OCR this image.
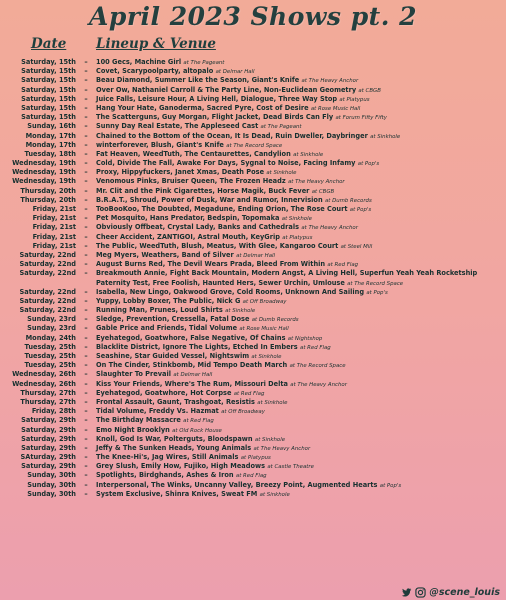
April 2023 Shows pt. 2
Date Lineup & Venue
Saturday, 15th	–	100 Gecs, Machine Girl at The Pageant
Saturday, 15th	–	Covet, Scarypoolparty, altopalo at Delmar Hall
Saturday, 15th	–	Beau Diamond, Summer Like the Season, Giant's Knife at The Heavy Anchor
Saturday, 15th	–	Over Ow, Nathaniel Carroll & The Party Line, Non-Euclidean Geometry at CBGB
Saturday, 15th	–	Juice Falls, Leisure Hour, A Living Hell, Dialogue, Three Way Stop at Platypus
Saturday, 15th	–	Hang Your Hate, Ganoderma, Sacred Pyre, Cost of Desire at Rose Music Hall
Saturday, 15th	–	The Scatterguns, Guy Morgan, Flight Jacket, Dead Birds Can Fly at Forum Fifty Fifty
Sunday, 16th	–	Sunny Day Real Estate, The Appleseed Cast at The Pageant
Monday, 17th	–	Chained to the Bottom of the Ocean, It Is Dead, Ruin Dweller, Daybringer at Sinkhole
Monday, 17th	–	winterforever, Blush, Giant's Knife at The Record Space
Tuesday, 18th	–	Fat Heaven, WeedTuth, The Centaurettes, Candylion at Sinkhole
Wednesday, 19th	–	Cold, Divide The Fall, Awake For Days, Sygnal to Noise, Facing Infamy at Pop's
Wednesday, 19th	–	Proxy, Hippyfuckers, Janet Xmas, Death Pose at Sinkhole
Wednesday, 19th	–	Venomous Pinks, Bruiser Queen, The Frozen Headz at The Heavy Anchor
Thursday, 20th	–	Mr. Clit and the Pink Cigarettes, Horse Magik, Buck Fever at CBGB
Thursday, 20th	–	B.R.A.T., Shroud, Power of Dusk, War and Rumor, Innervision at Dumb Records
Friday, 21st	–	TooBooKoo, The Doubted, Megadune, Ending Orion, The Rose Court at Pop's
Friday, 21st	–	Pet Mosquito, Hans Predator, Bedspin, Topomaka at Sinkhole
Friday, 21st	–	Obviously Offbeat, Crystal Lady, Banks and Cathedrals at The Heavy Anchor
Friday, 21st	–	Cheer Accident, ZANTIGOI, Astral Mouth, KeyGrip at Platypus
Friday, 21st	–	The Public, WeedTuth, Blush, Meatus, With Glee, Kangaroo Court at Steel Mill
Saturday, 22nd	–	Meg Myers, Weathers, Band of Silver at Delmar Hall
Saturday, 22nd	–	August Burns Red, The Devil Wears Prada, Bleed From Within at Red Flag
Saturday, 22nd	–	Breakmouth Annie, Fight Back Mountain, Modern Angst, A Living Hell, Superfun Yeah Yeah Rocketship Paternity Test, Free Foolish, Haunted Hers, Sewer Urchin, Umlouse at The Record Space
Saturday, 22nd	–	Isabella, New Lingo, Oakwood Grove, Cold Rooms, Unknown And Sailing at Pop's
Saturday, 22nd	–	Yuppy, Lobby Boxer, The Public, Nick G at Off Broadway
Saturday, 22nd	–	Running Man, Prunes, Loud Shirts at Sinkhole
Sunday, 23rd	–	Sledge, Prevention, Cressella, Fatal Dose at Dumb Records
Sunday, 23rd	–	Gable Price and Friends, Tidal Volume at Rose Music Hall
Monday, 24th	–	Eyehategod, Goatwhore, False Negative, Of Chains at Nightshop
Tuesday, 25th	–	Blacklite District, Ignore The Lights, Etched In Embers at Red Flag
Tuesday, 25th	–	Seashine, Star Guided Vessel, Nightswim at Sinkhole
Tuesday, 25th	–	On The Cinder, Stinkbomb, Mid Tempo Death March at The Record Space
Wednesday, 26th	–	Slaughter To Prevail at Delmar Hall
Wednesday, 26th	–	Kiss Your Friends, Where's The Rum, Missouri Delta at The Heavy Anchor
Thursday, 27th	–	Eyehategod, Goatwhore, Hot Corpse at Red Flag
Thursday, 27th	–	Frontal Assault, Gaunt, Trashgoat, Resistis at Sinkhole
Friday, 28th	–	Tidal Volume, Freddy Vs. Hazmat at Off Broadway
Saturday, 29th	–	The Birthday Massacre at Red Flag
Saturday, 29th	–	Emo Night Brooklyn at Old Rock House
Saturday, 29th	–	Knoll, God Is War, Polterguts, Bloodspawn at Sinkhole
Saturday, 29th	–	Jeffy & The Sunken Heads, Young Animals at The Heavy Anchor
SAturday, 29th	–	The Knee-Hi's, Jag Wires, Still Animals at Platypus
Saturday, 29th	–	Grey Slush, Emily How, Fujiko, High Meadows at Castle Theatre
Sunday, 30th	–	Spotlights, Birdghands, Ashes & Iron at Red Flag
Sunday, 30th	–	Interpersonal, The Winks, Uncanny Valley, Breezy Point, Augmented Hearts at Pop's
Sunday, 30th	–	System Exclusive, Shinra Knives, Sweat FM at Sinkhole
@scene_louis
